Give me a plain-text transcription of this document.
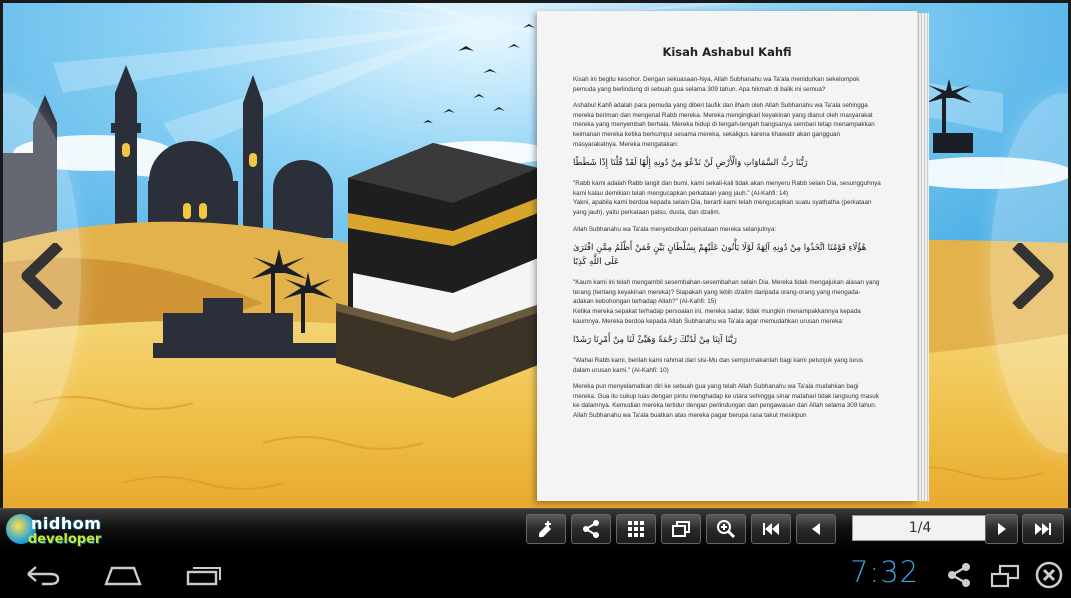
Kisah Ashabul Kahfi
Kisah ini begitu kesohor. Dengan sekuasaan-Nya, Allah Subhanahu wa Ta'ala menidurkan sekelompok pemuda yang berlindung di sebuah gua selama 309 tahun. Apa hikmah di balik ini semua?
Ashabul Kahfi adalah para pemuda yang diberi taufik dan ilham oleh Allah Subhanahu wa Ta'ala sehingga mereka beriman dan mengenal Rabb mereka. Mereka mengingkari keyakinan yang dianut oleh masyarakat mereka yang menyembah berhala. Mereka hidup di tengah-tengah bangsanya sembari tetap menampakkan keimanan mereka ketika berkumpul sesama mereka, sekaligus karena khawatir akan gangguan masyarakatnya. Mereka mengatakan:
رَبُّنَا رَبُّ السَّمَاوَاتِ وَالْأَرْضِ لَنْ نَدْعُوَ مِنْ دُونِهِ إِلَٰهًا لَقَدْ قُلْنَا إِذًا شَطَطًا
"Rabb kami adalah Rabb langit dan bumi, kami sekali-kali tidak akan menyeru Rabb selain Dia, sesungguhnya kami kalau demikian telah mengucapkan perkataan yang jauh." (Al-Kahfi: 14)
Yakni, apabila kami berdoa kepada selain Dia, berarti kami telah mengucapkan suatu syathatha (perkataan yang jauh), yaitu perkataan palsu, dusta, dan dzalim.
Allah Subhanahu wa Ta'ala menyebutkan perkataan mereka selanjutnya:
هَٰؤُلَاءِ قَوْمُنَا اتَّخَذُوا مِنْ دُونِهِ آلِهَةً لَوْلَا يَأْتُونَ عَلَيْهِمْ بِسُلْطَانٍ بَيِّنٍ فَمَنْ أَظْلَمُ مِمَّنِ افْتَرَىٰ عَلَى اللَّهِ كَذِبًا
"Kaum kami ini telah mengambil sesembahan-sesembahan selain Dia. Mereka tidak mengajukan alasan yang terang (tentang keyakinan mereka)? Siapakah yang lebih dzalim daripada orang-orang yang mengada-adakan kebohongan terhadap Allah?" (Al-Kahfi: 15)
Ketika mereka sepakat terhadap persoalan ini, mereka sadar, tidak mungkin menampakkannya kepada kaumnya. Mereka berdoa kepada Allah Subhanahu wa Ta'ala agar memudahkan urusan mereka:
رَبَّنَا آتِنَا مِنْ لَدُنْكَ رَحْمَةً وَهَيِّئْ لَنَا مِنْ أَمْرِنَا رَشَدًا
"Wahai Rabb kami, berilah kami rahmat dari sisi-Mu dan sempurnakanlah bagi kami petunjuk yang lurus dalam urusan kami." (Al-Kahfi: 10)
Mereka pun menyelamatkan diri ke sebuah gua yang telah Allah Subhanahu wa Ta'ala mudahkan bagi mereka. Gua itu cukup luas dengan pintu menghadap ke utara sehingga sinar matahari tidak langsung masuk ke dalamnya. Kemudian mereka tertidur dengan perlindungan dan pengawasan dari Allah selama 309 tahun. Allah Subhanahu wa Ta'ala buatkan atas mereka pagar berupa rasa takut meskipun
nidhom
developer
1/4
7:32
